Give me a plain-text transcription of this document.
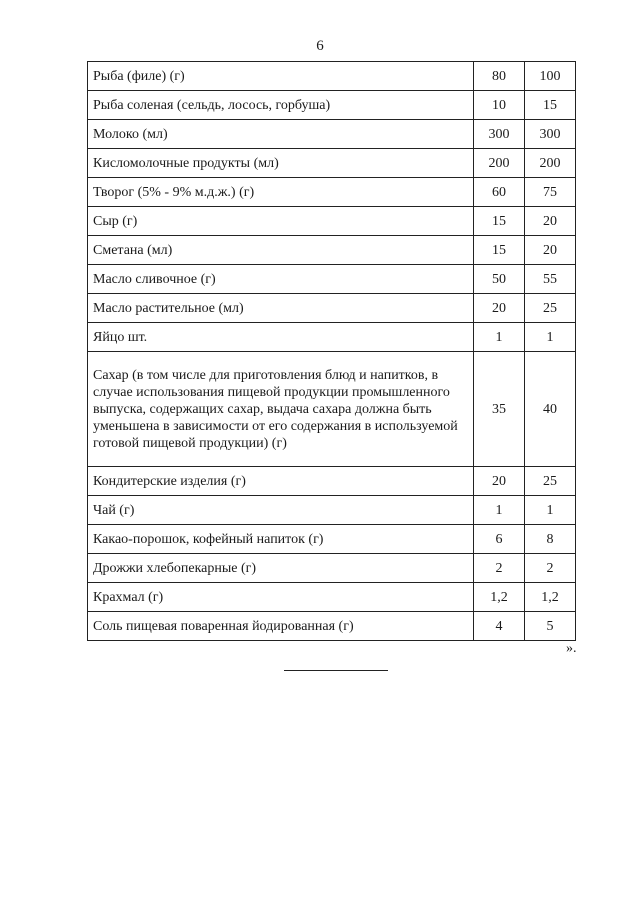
6
Рыба (филе) (г)	80	100
Рыба соленая (сельдь, лосось, горбуша)	10	15
Молоко (мл)	300	300
Кисломолочные продукты (мл)	200	200
Творог (5% - 9% м.д.ж.) (г)	60	75
Сыр (г)	15	20
Сметана (мл)	15	20
Масло сливочное (г)	50	55
Масло растительное (мл)	20	25
Яйцо шт.	1	1
Сахар (в том числе для приготовления блюд и напитков, в случае использования пищевой продукции промышленного выпуска, содержащих сахар, выдача сахара должна быть уменьшена в зависимости от его содержания в используемой готовой пищевой продукции) (г)	35	40
Кондитерские изделия (г)	20	25
Чай (г)	1	1
Какао-порошок, кофейный напиток (г)	6	8
Дрожжи хлебопекарные (г)	2	2
Крахмал (г)	1,2	1,2
Соль пищевая поваренная йодированная (г)	4	5
».
